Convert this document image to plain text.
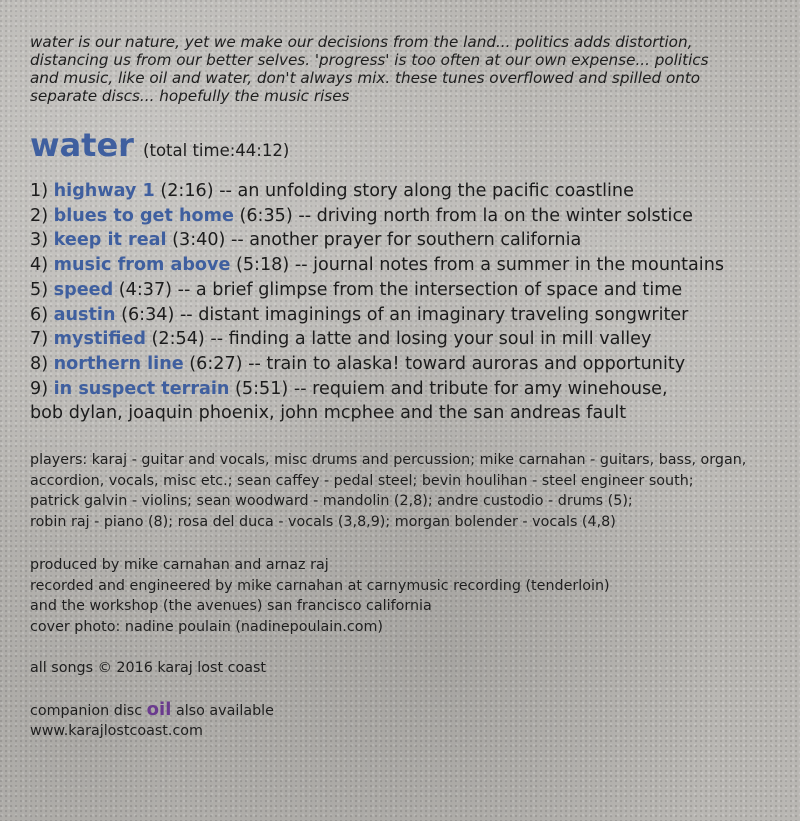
water is our nature, yet we make our decisions from the land... politics adds distortion,
distancing us from our better selves. 'progress' is too often at our own expense... politics
and music, like oil and water, don't always mix. these tunes overflowed and spilled onto
separate discs... hopefully the music rises

water (total time:44:12)
1) highway 1 (2:16) -- an unfolding story along the pacific coastline
2) blues to get home (6:35) -- driving north from la on the winter solstice
3) keep it real (3:40) -- another prayer for southern california
4) music from above (5:18) -- journal notes from a summer in the mountains
5) speed (4:37) -- a brief glimpse from the intersection of space and time
6) austin (6:34) -- distant imaginings of an imaginary traveling songwriter
7) mystified (2:54) -- finding a latte and losing your soul in mill valley
8) northern line (6:27) -- train to alaska! toward auroras and opportunity
9) in suspect terrain (5:51) -- requiem and tribute for amy winehouse,
bob dylan, joaquin phoenix, john mcphee and the san andreas fault
players: karaj - guitar and vocals, misc drums and percussion; mike carnahan - guitars, bass, organ,
accordion, vocals, misc etc.; sean caffey - pedal steel; bevin houlihan - steel engineer south;
patrick galvin - violins; sean woodward - mandolin (2,8); andre custodio - drums (5);
robin raj - piano (8); rosa del duca - vocals (3,8,9); morgan bolender - vocals (4,8)
produced by mike carnahan and arnaz raj
recorded and engineered by mike carnahan at carnymusic recording (tenderloin)
and the workshop (the avenues) san francisco california
cover photo: nadine poulain (nadinepoulain.com)
all songs © 2016 karaj lost coast
companion disc oil also available
www.karajlostcoast.com
